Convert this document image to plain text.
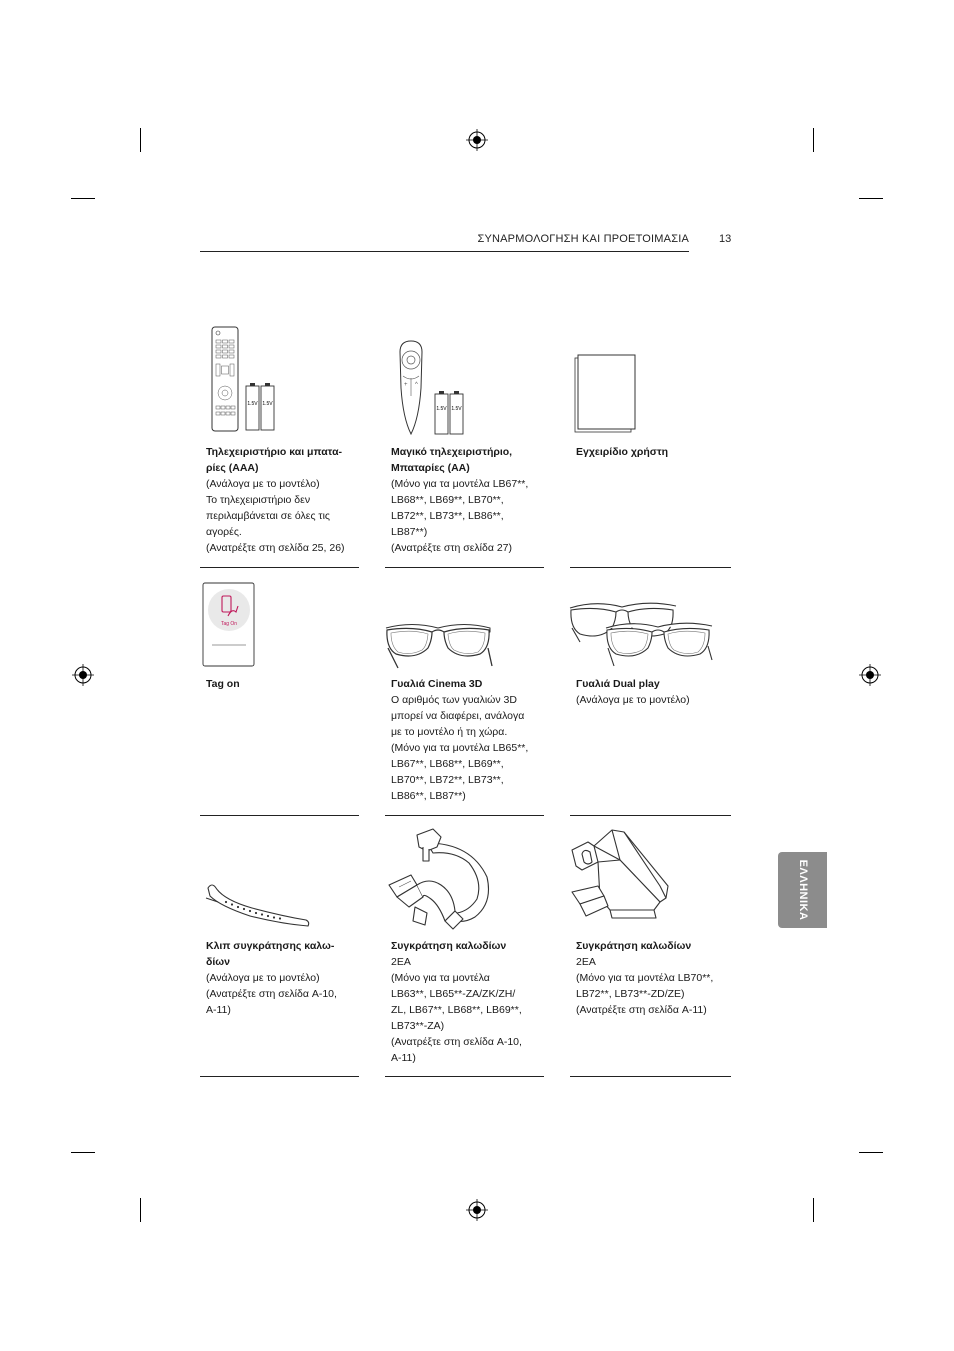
ΣΥΝΑΡΜΟΛΟΓΗΣΗ ΚΑΙ ΠΡΟΕΤΟΙΜΑΣΙΑ	13
ΕΛΛΗΝΙΚΑ
1.5V 1.5V
+ ^
1.5V 1.5V
Tag On
Τηλεχειριστήριο και μπατα-
ρίες (AAA)
(Ανάλογα με το μοντέλο)
Το τηλεχειριστήριο δεν
περιλαμβάνεται σε όλες τις
αγορές.
(Ανατρέξτε στη σελίδα 25, 26)
Μαγικό τηλεχειριστήριο,
Μπαταρίες (AA)
(Μόνο για τα μοντέλα LB67**,
LB68**, LB69**, LB70**,
LB72**, LB73**, LB86**,
LB87**)
(Ανατρέξτε στη σελίδα 27)
Εγχειρίδιο χρήστη
Tag on	Γυαλιά Cinema 3D
Ο αριθμός των γυαλιών 3D
μπορεί να διαφέρει, ανάλογα
με το μοντέλο ή τη χώρα.
(Μόνο για τα μοντέλα LB65**,
LB67**, LB68**, LB69**,
LB70**, LB72**, LB73**,
LB86**, LB87**)
Γυαλιά Dual play
(Ανάλογα με το μοντέλο)
Κλιπ συγκράτησης καλω-
δίων
(Ανάλογα με το μοντέλο)
(Ανατρέξτε στη σελίδα A-10,
A-11)
Συγκράτηση καλωδίων
2EA
(Μόνο για τα μοντέλα
LB63**, LB65**-ZA/ZK/ZH/
ZL, LB67**, LB68**, LB69**,
LB73**-ZA)
(Ανατρέξτε στη σελίδα A-10,
A-11)
Συγκράτηση καλωδίων
2EA
(Μόνο για τα μοντέλα LB70**,
LB72**, LB73**-ZD/ZE)
(Ανατρέξτε στη σελίδα A-11)
